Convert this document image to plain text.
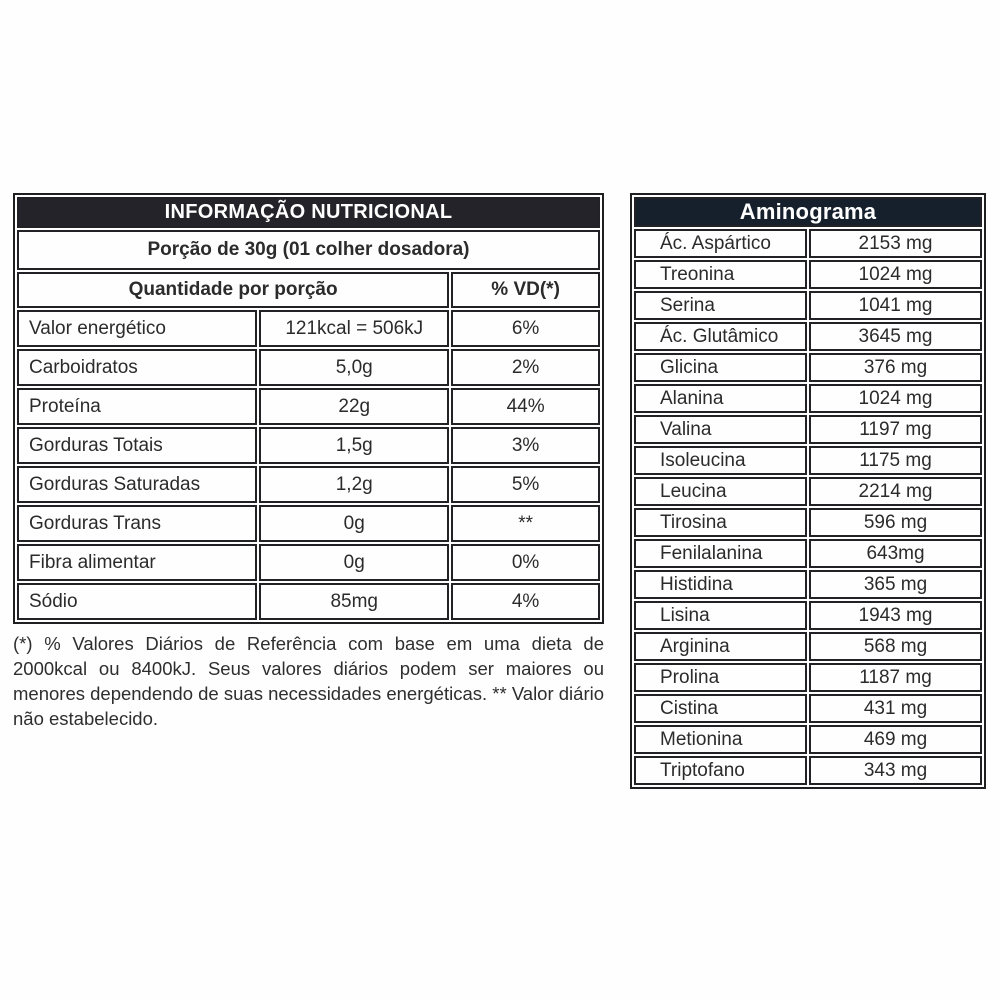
INFORMAÇÃO NUTRICIONAL		
Porção de 30g (01 colher dosadora)		
Quantidade por porção		% VD(*)
Valor energético	121kcal = 506kJ	6%
Carboidratos	5,0g	2%
Proteína	22g	44%
Gorduras Totais	1,5g	3%
Gorduras Saturadas	1,2g	5%
Gorduras Trans	0g	**
Fibra alimentar	0g	0%
Sódio	85mg	4%

(*) % Valores Diários de Referência com base em uma dieta de 2000kcal ou 8400kJ. Seus valores diários podem ser maiores ou menores dependendo de suas necessidades energéticas. ** Valor diário não estabelecido.

Aminograma	
Ác. Aspártico	2153 mg
Treonina	1024 mg
Serina	1041 mg
Ác. Glutâmico	3645 mg
Glicina	376 mg
Alanina	1024 mg
Valina	1197 mg
Isoleucina	1175 mg
Leucina	2214 mg
Tirosina	596 mg
Fenilalanina	643mg
Histidina	365 mg
Lisina	1943 mg
Arginina	568 mg
Prolina	1187 mg
Cistina	431 mg
Metionina	469 mg
Triptofano	343 mg
